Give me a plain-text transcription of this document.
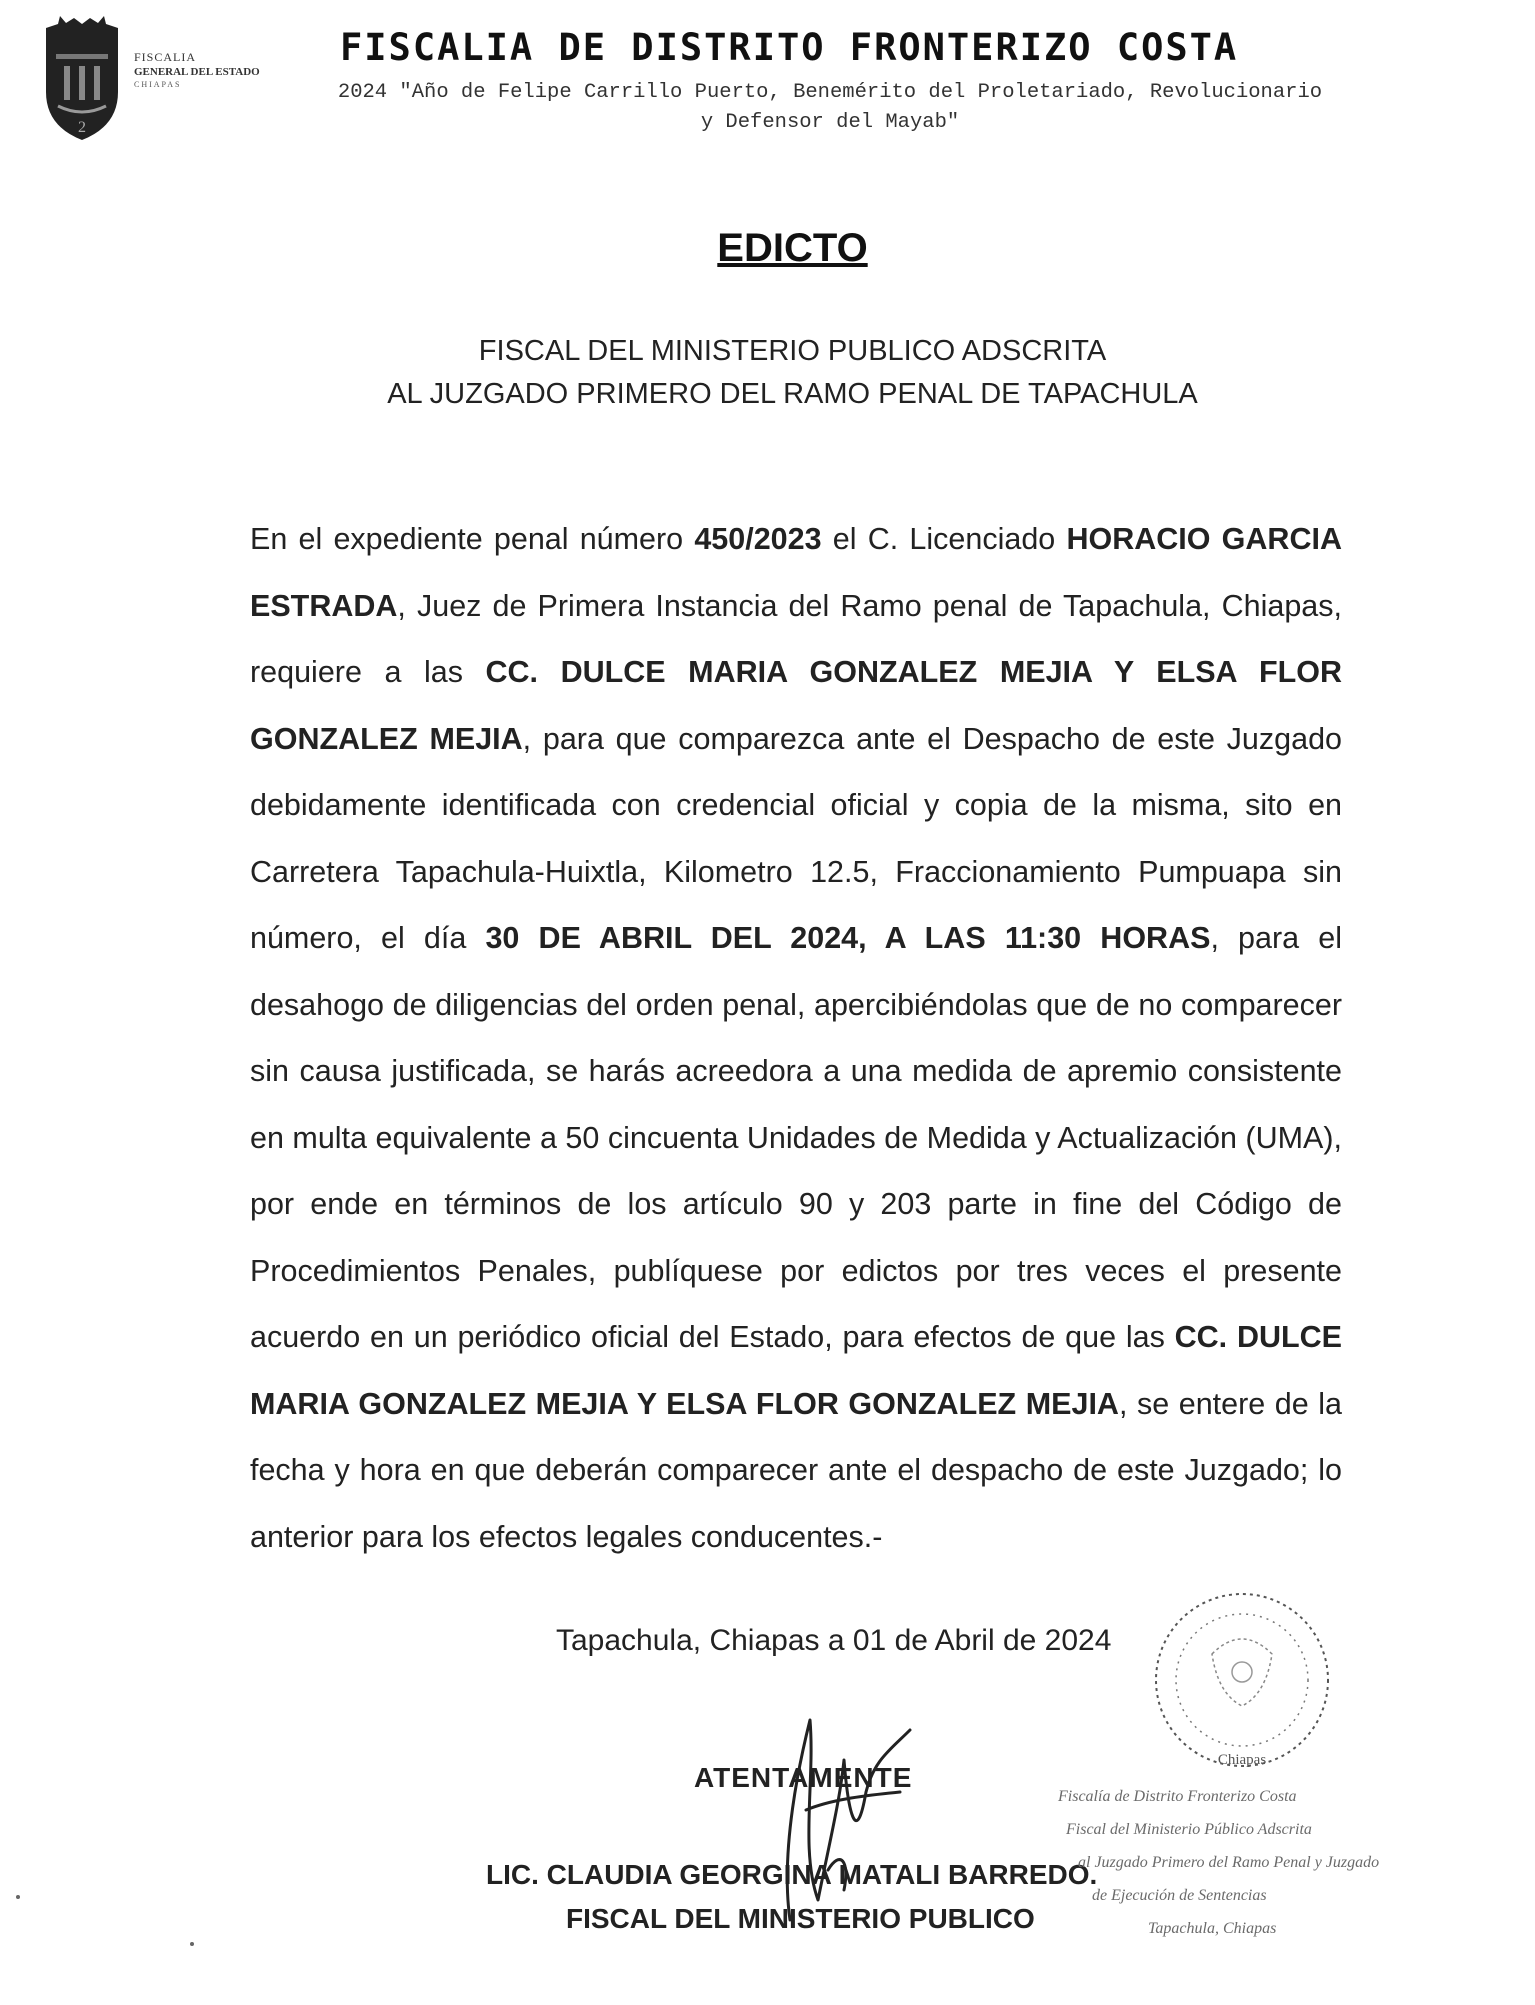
2
FISCALIA
GENERAL DEL ESTADO
CHIAPAS
FISCALIA DE DISTRITO FRONTERIZO COSTA
2024 "Año de Felipe Carrillo Puerto, Benemérito del Proletariado, Revolucionario y Defensor del Mayab"
EDICTO
FISCAL DEL MINISTERIO PUBLICO ADSCRITA
AL JUZGADO PRIMERO DEL RAMO PENAL DE TAPACHULA
En el expediente penal número 450/2023 el C. Licenciado HORACIO GARCIA ESTRADA, Juez de Primera Instancia del Ramo penal de Tapachula, Chiapas, requiere a las CC. DULCE MARIA GONZALEZ MEJIA Y ELSA FLOR GONZALEZ MEJIA, para que comparezca ante el Despacho de este Juzgado debidamente identificada con credencial oficial y copia de la misma, sito en Carretera Tapachula-Huixtla, Kilometro 12.5, Fraccionamiento Pumpuapa sin número, el día 30 DE ABRIL DEL 2024, A LAS 11:30 HORAS, para el desahogo de diligencias del orden penal, apercibiéndolas que de no comparecer sin causa justificada, se harás acreedora a una medida de apremio consistente en multa equivalente a 50 cincuenta Unidades de Medida y Actualización (UMA), por ende en términos de los artículo 90 y 203 parte in fine del Código de Procedimientos Penales, publíquese por edictos por tres veces el presente acuerdo en un periódico oficial del Estado, para efectos de que las CC. DULCE MARIA GONZALEZ MEJIA Y ELSA FLOR GONZALEZ MEJIA, se entere de la fecha y hora en que deberán comparecer ante el despacho de este Juzgado; lo anterior para los efectos legales conducentes.-
Tapachula, Chiapas a 01 de Abril de 2024
Chiapas
ATENTAMENTE
LIC. CLAUDIA GEORGINA MATALI BARREDO.
FISCAL DEL MINISTERIO PUBLICO
Fiscalía de Distrito Fronterizo Costa
Fiscal del Ministerio Público Adscrita
al Juzgado Primero del Ramo Penal y Juzgado
de Ejecución de Sentencias
Tapachula, Chiapas
